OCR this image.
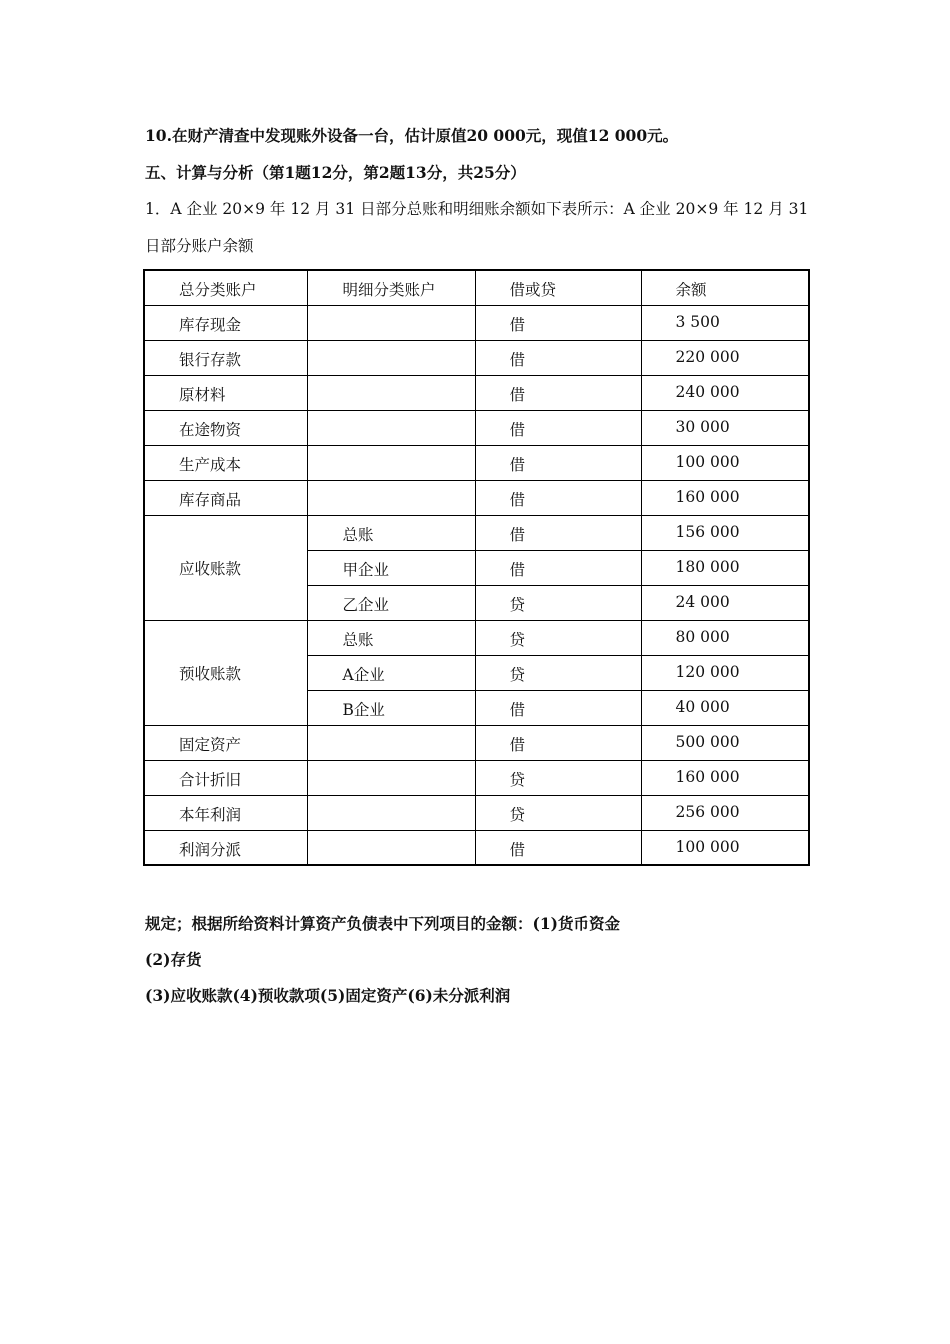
10.在财产清查中发现账外设备一台，估计原值20 000元，现值12 000元。
五、计算与分析（第1题12分，第2题13分，共25分）
1．A 企业 20×9 年 12 月 31 日部分总账和明细账余额如下表所示：A 企业 20×9 年 12 月 31
日部分账户余额
总分类账户	明细分类账户	借或贷	余额
库存现金		借	3 500
银行存款		借	220 000
原材料		借	240 000
在途物资		借	30 000
生产成本		借	100 000
库存商品		借	160 000
应收账款	总账	借	156 000
	甲企业	借	180 000
	乙企业	贷	24 000
预收账款	总账	贷	80 000
	A企业	贷	120 000
	B企业	借	40 000
固定资产		借	500 000
合计折旧		贷	160 000
本年利润		贷	256 000
利润分派		借	100 000
规定；根据所给资料计算资产负债表中下列项目的金额：(1)货币资金
(2)存货
(3)应收账款(4)预收款项(5)固定资产(6)未分派利润
